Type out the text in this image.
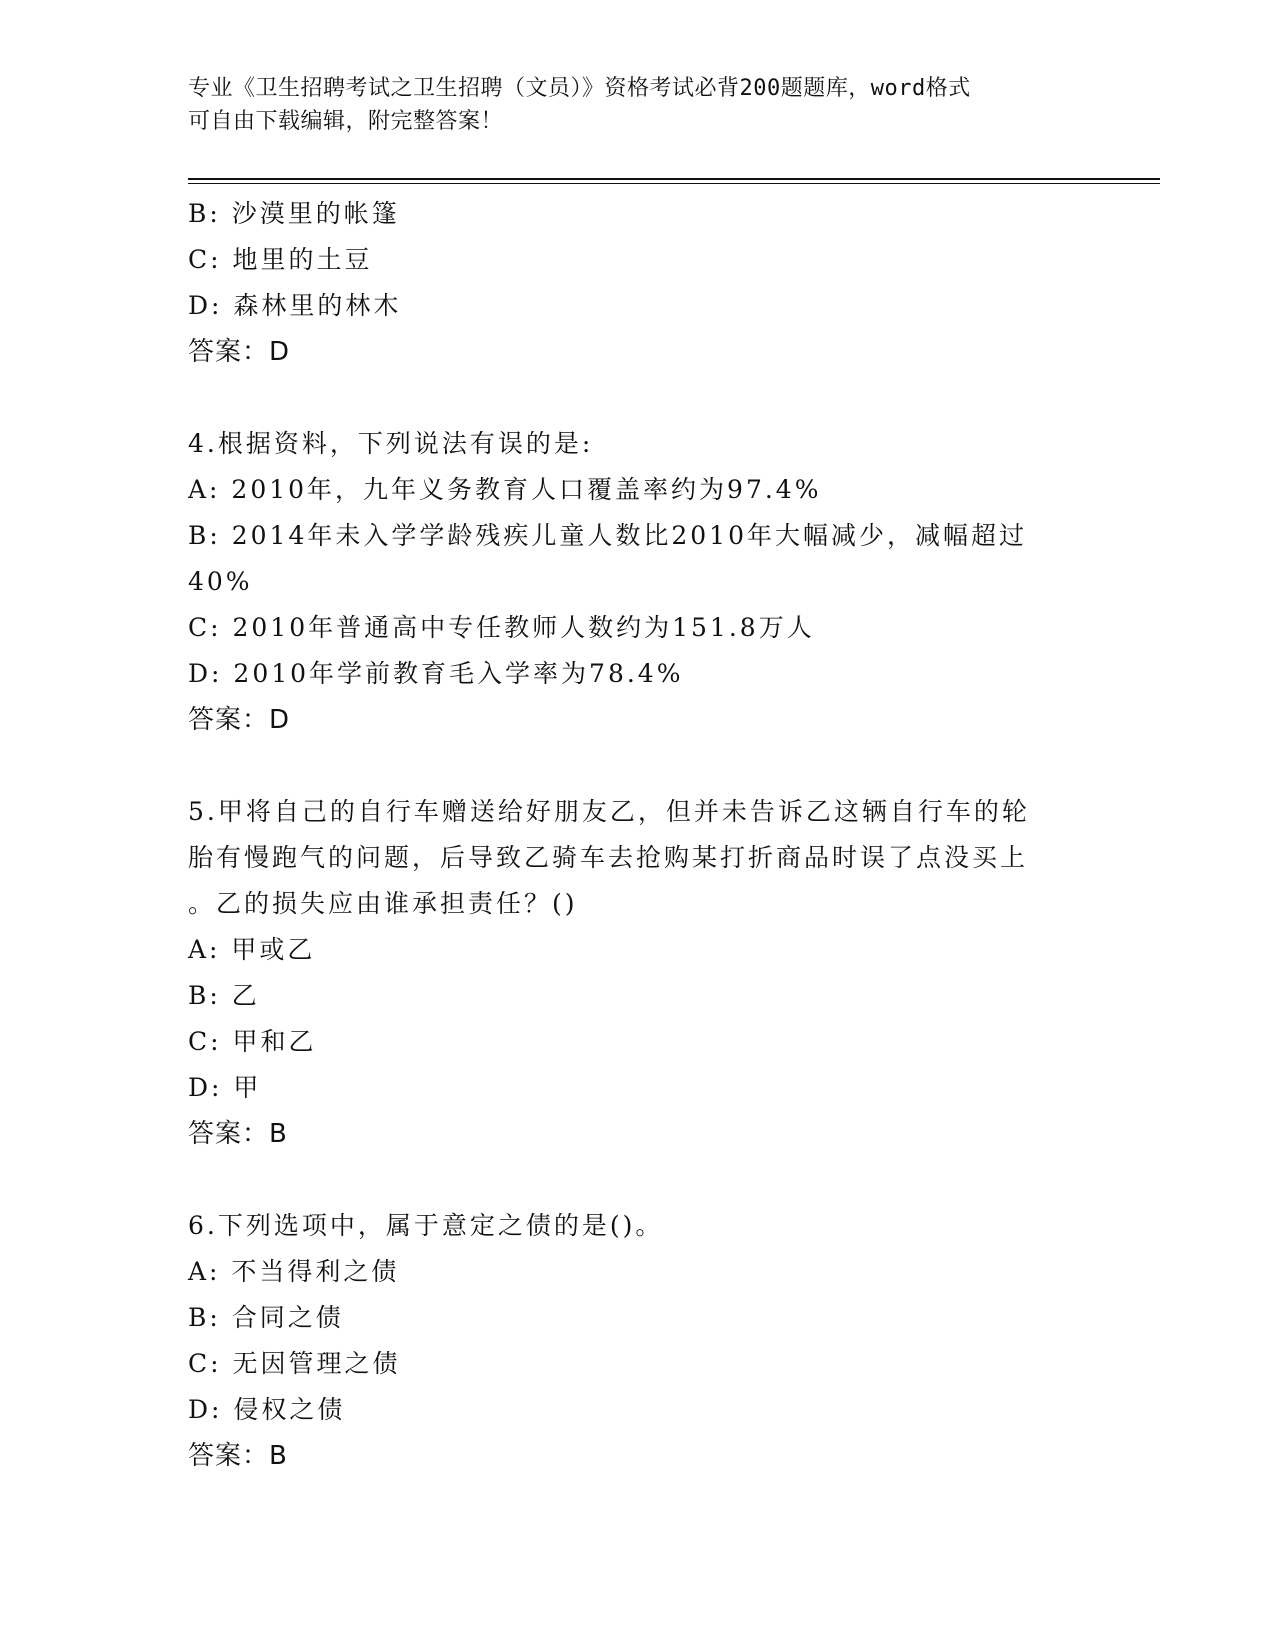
专业《卫生招聘考试之卫生招聘（文员）》资格考试必背200题题库，word格式
可自由下载编辑，附完整答案！
B: 沙漠里的帐篷
C: 地里的土豆
D: 森林里的林木
答案：D
4.根据资料，下列说法有误的是:
A: 2010年，九年义务教育人口覆盖率约为97.4%
B: 2014年未入学学龄残疾儿童人数比2010年大幅减少，减幅超过
40%
C: 2010年普通高中专任教师人数约为151.8万人
D: 2010年学前教育毛入学率为78.4%
答案：D
5.甲将自己的自行车赠送给好朋友乙，但并未告诉乙这辆自行车的轮
胎有慢跑气的问题，后导致乙骑车去抢购某打折商品时误了点没买上
。乙的损失应由谁承担责任？()
A: 甲或乙
B: 乙
C: 甲和乙
D: 甲
答案：B
6.下列选项中，属于意定之债的是()。
A: 不当得利之债
B: 合同之债
C: 无因管理之债
D: 侵权之债
答案：B
